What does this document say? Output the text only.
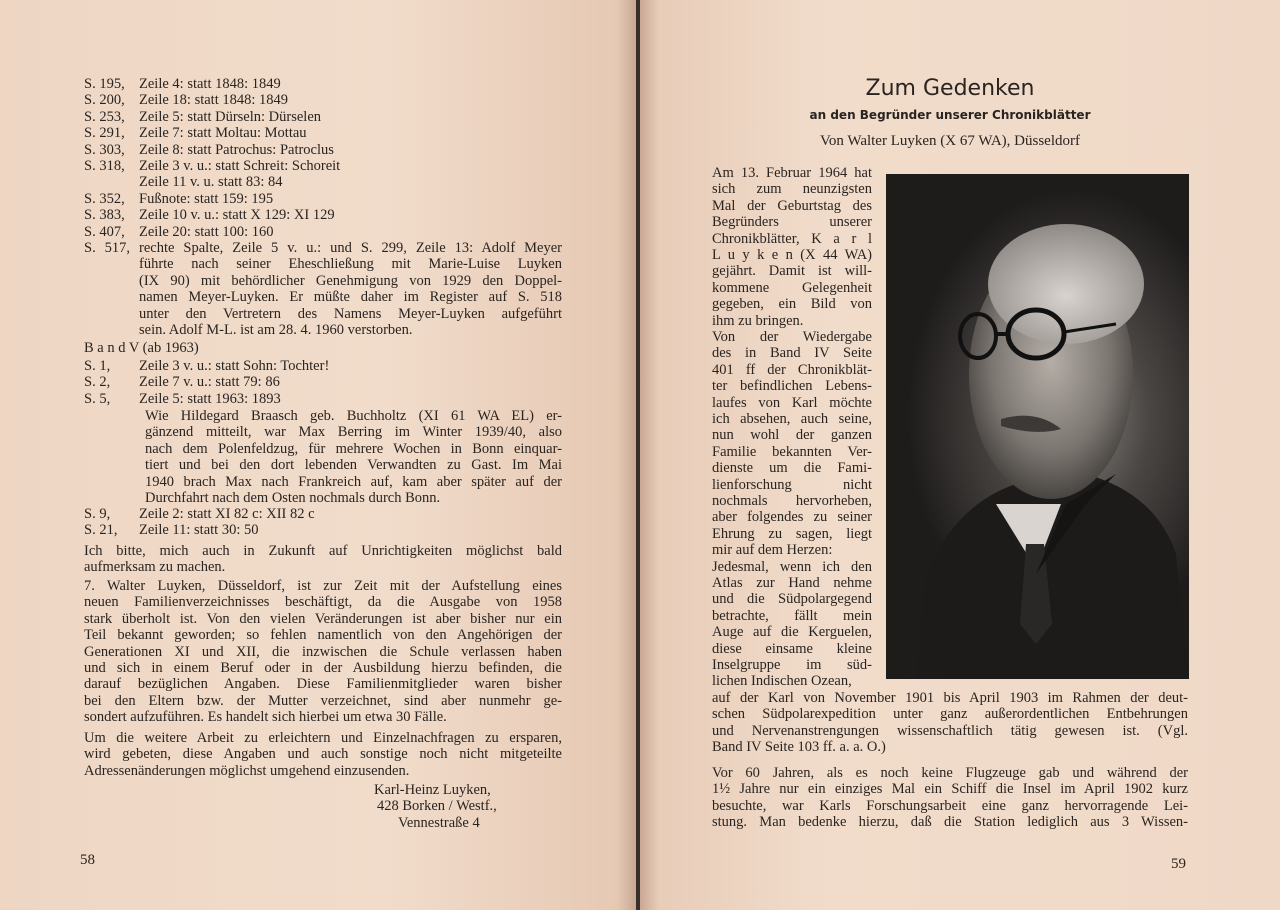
S. 195, Zeile 4: statt 1848: 1849
S. 200, Zeile 18: statt 1848: 1849
S. 253, Zeile 5: statt Dürseln: Dürselen
S. 291, Zeile 7: statt Moltau: Mottau
S. 303, Zeile 8: statt Patrochus: Patroclus
S. 318, Zeile 3 v. u.: statt Schreit: Schoreit
Zeile 11 v. u. statt 83: 84
S. 352, Fußnote: statt 159: 195
S. 383, Zeile 10 v. u.: statt X 129: XI 129
S. 407, Zeile 20: statt 100: 160
S. 517, rechte Spalte, Zeile 5 v. u.: und S. 299, Zeile 13: Adolf Meyer
führte nach seiner Eheschließung mit Marie-Luise Luyken
(IX 90) mit behördlicher Genehmigung von 1929 den Doppel-
namen Meyer-Luyken. Er müßte daher im Register auf S. 518
unter den Vertretern des Namens Meyer-Luyken aufgeführt
sein. Adolf M-L. ist am 28. 4. 1960 verstorben.
B a n d V (ab 1963)
S. 1, Zeile 3 v. u.: statt Sohn: Tochter!
S. 2, Zeile 7 v. u.: statt 79: 86
S. 5, Zeile 5: statt 1963: 1893
Wie Hildegard Braasch geb. Buchholtz (XI 61 WA EL) er-
gänzend mitteilt, war Max Berring im Winter 1939/40, also
nach dem Polenfeldzug, für mehrere Wochen in Bonn einquar-
tiert und bei den dort lebenden Verwandten zu Gast. Im Mai
1940 brach Max nach Frankreich auf, kam aber später auf der
Durchfahrt nach dem Osten nochmals durch Bonn.
S. 9, Zeile 2: statt XI 82 c: XII 82 c
S. 21, Zeile 11: statt 30: 50
Ich bitte, mich auch in Zukunft auf Unrichtigkeiten möglichst bald
aufmerksam zu machen.
7. Walter Luyken, Düsseldorf, ist zur Zeit mit der Aufstellung eines
neuen Familienverzeichnisses beschäftigt, da die Ausgabe von 1958
stark überholt ist. Von den vielen Veränderungen ist aber bisher nur ein
Teil bekannt geworden; so fehlen namentlich von den Angehörigen der
Generationen XI und XII, die inzwischen die Schule verlassen haben
und sich in einem Beruf oder in der Ausbildung hierzu befinden, die
darauf bezüglichen Angaben. Diese Familienmitglieder waren bisher
bei den Eltern bzw. der Mutter verzeichnet, sind aber nunmehr ge-
sondert aufzuführen. Es handelt sich hierbei um etwa 30 Fälle.
Um die weitere Arbeit zu erleichtern und Einzelnachfragen zu ersparen,
wird gebeten, diese Angaben und auch sonstige noch nicht mitgeteilte
Adressenänderungen möglichst umgehend einzusenden.
Karl-Heinz Luyken,
428 Borken / Westf.,
Vennestraße 4
58
Zum Gedenken
an den Begründer unserer Chronikblätter
Von Walter Luyken (X 67 WA), Düsseldorf
Am 13. Februar 1964 hat
sich zum neunzigsten
Mal der Geburtstag des
Begründers unserer
Chronikblätter, K a r l
L u y k e n (X 44 WA)
gejährt. Damit ist will-
kommene Gelegenheit
gegeben, ein Bild von
ihm zu bringen.
Von der Wiedergabe
des in Band IV Seite
401 ff der Chronikblät-
ter befindlichen Lebens-
laufes von Karl möchte
ich absehen, auch seine,
nun wohl der ganzen
Familie bekannten Ver-
dienste um die Fami-
lienforschung nicht
nochmals hervorheben,
aber folgendes zu seiner
Ehrung zu sagen, liegt
mir auf dem Herzen:
Jedesmal, wenn ich den
Atlas zur Hand nehme
und die Südpolargegend
betrachte, fällt mein
Auge auf die Kerguelen,
diese einsame kleine
Inselgruppe im süd-
lichen Indischen Ozean,
auf der Karl von November 1901 bis April 1903 im Rahmen der deut-
schen Südpolarexpedition unter ganz außerordentlichen Entbehrungen
und Nervenanstrengungen wissenschaftlich tätig gewesen ist. (Vgl.
Band IV Seite 103 ff. a. a. O.)
Vor 60 Jahren, als es noch keine Flugzeuge gab und während der
1½ Jahre nur ein einziges Mal ein Schiff die Insel im April 1902 kurz
besuchte, war Karls Forschungsarbeit eine ganz hervorragende Lei-
stung. Man bedenke hierzu, daß die Station lediglich aus 3 Wissen-
59
